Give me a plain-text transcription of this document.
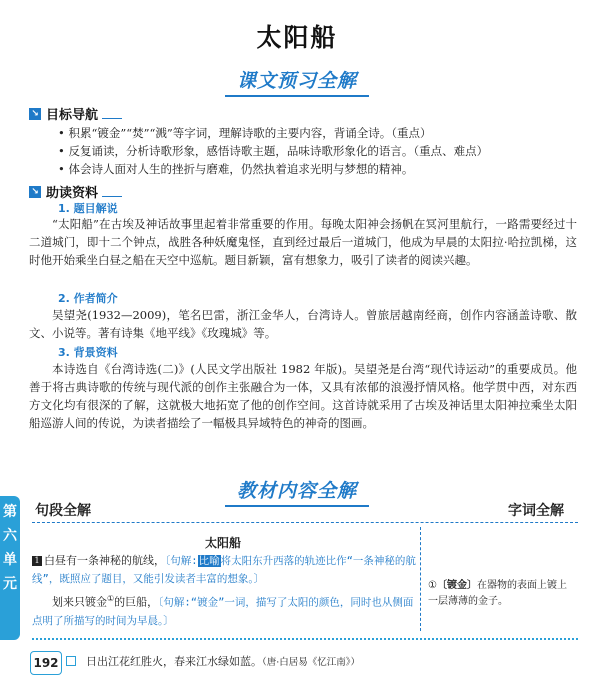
太阳船
课文预习全解
↘ 目标导航
• 积累“镀金”“焚”“溅”等字词，理解诗歌的主要内容，背诵全诗。（重点）
• 反复诵读，分析诗歌形象，感悟诗歌主题，品味诗歌形象化的语言。（重点、难点）
• 体会诗人面对人生的挫折与磨难，仍然执着追求光明与梦想的精神。
↘ 助读资料
1. 题目解说
“太阳船”在古埃及神话故事里起着非常重要的作用。每晚太阳神会扬帆在冥河里航行，一路需要经过十二道城门，即十二个钟点，战胜各种妖魔鬼怪，直到经过最后一道城门，他成为早晨的太阳拉·哈拉凯梯，这时他开始乘坐白昼之船在天空中巡航。题目新颖，富有想象力，吸引了读者的阅读兴趣。
2. 作者简介
吴望尧(1932—2009)，笔名巴雷，浙江金华人，台湾诗人。曾旅居越南经商，创作内容涵盖诗歌、散文、小说等。著有诗集《地平线》《玫瑰城》等。
3. 背景资料
本诗选自《台湾诗选(二)》(人民文学出版社 1982 年版)。吴望尧是台湾“现代诗运动”的重要成员。他善于将古典诗歌的传统与现代派的创作主张融合为一体，又具有浓郁的浪漫抒情风格。他学贯中西，对东西方文化均有很深的了解，这就极大地拓宽了他的创作空间。这首诗就采用了古埃及神话里太阳神拉乘坐太阳船巡游人间的传说，为读者描绘了一幅极具异域特色的神奇的图画。
教材内容全解
第
六
单
元
句段全解	字词全解
太阳船
1 白昼有一条神秘的航线，〔句解:比喻将太阳东升西落的轨迹比作“一条神秘的航线”，既照应了题目，又能引发读者丰富的想象。〕
划来只镀金①的巨船，〔句解:“镀金”一词，描写了太阳的颜色，同时也从侧面点明了所描写的时间为早晨。〕
①〔镀金〕在器物的表面上镀上一层薄薄的金子。
192	日出江花红胜火，春来江水绿如蓝。（唐·白居易《忆江南》）
